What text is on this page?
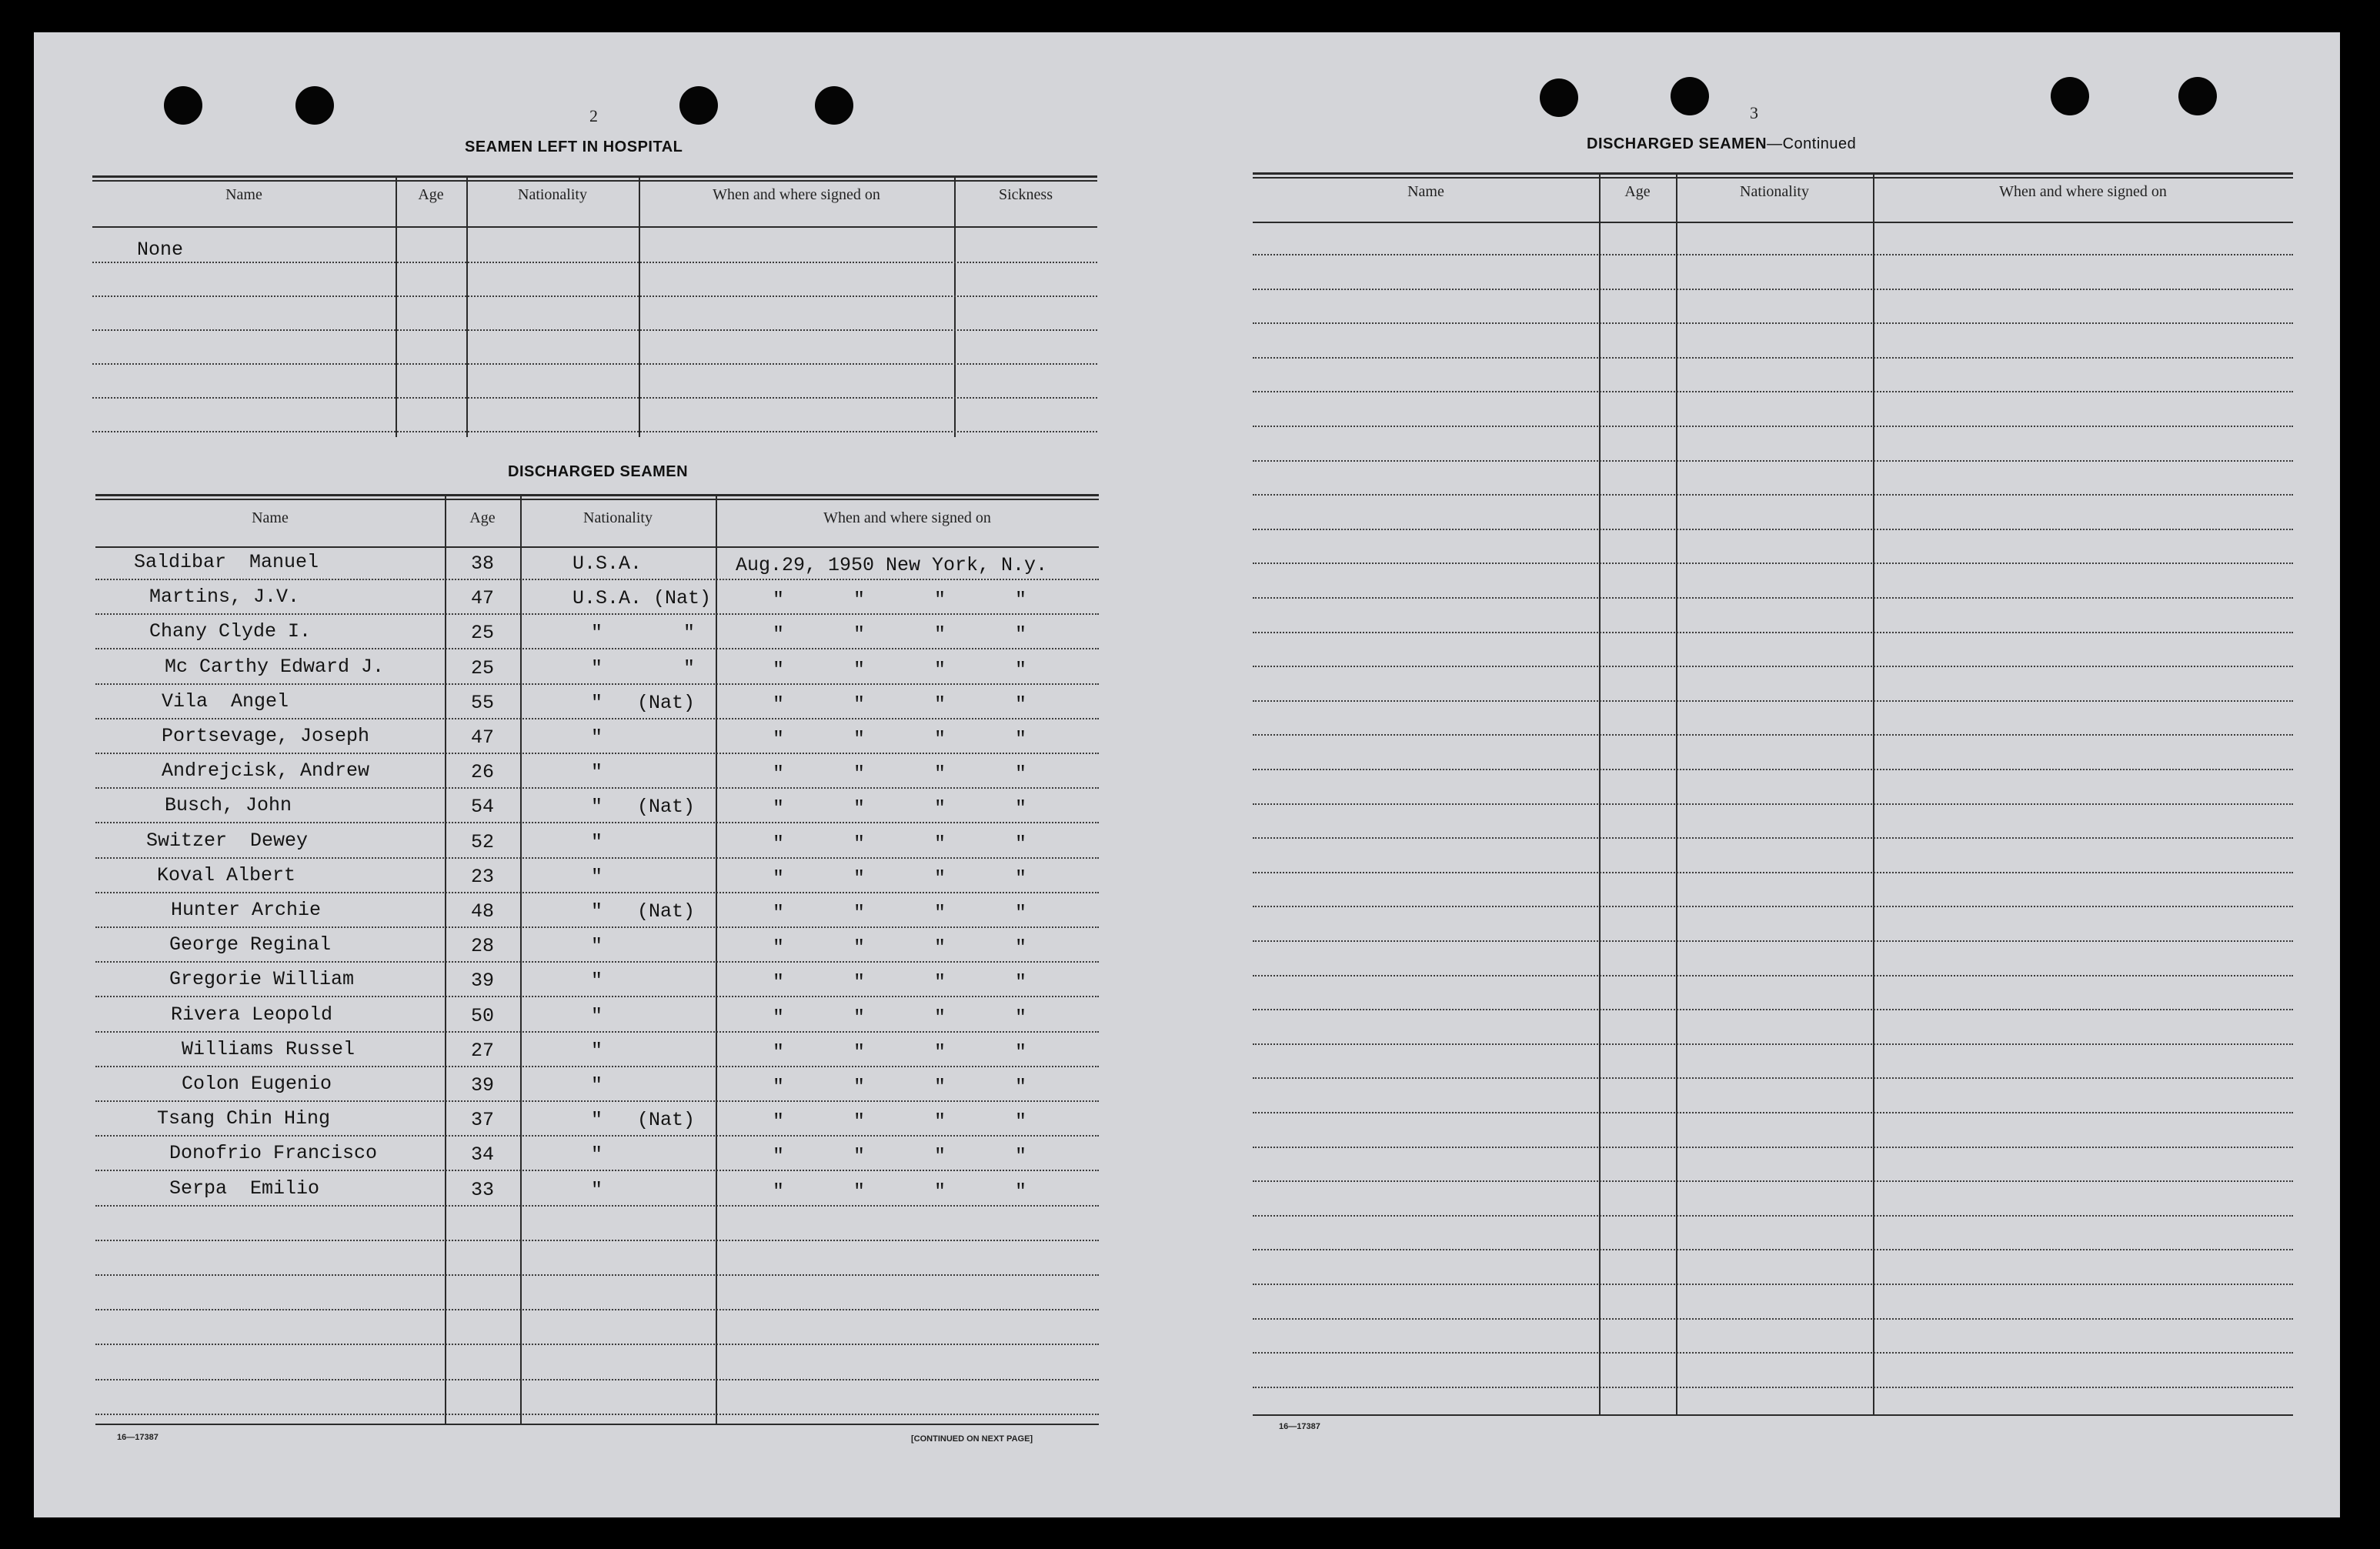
2
SEAMEN LEFT IN HOSPITAL
DISCHARGED SEAMEN
16—17387	[CONTINUED ON NEXT PAGE]
3
DISCHARGED SEAMEN—Continued
16—17387
Name	Age	Nationality	When and where signed on	Sickness
None
Name	Age	Nationality	When and where signed on
Saldibar  Manuel	38	U.S.A.	Aug.29, 1950 New York, N.y.
Martins, J.V.	47	U.S.A. (Nat)	"      "      "      "
Chany Clyde I.	25	"       "	"      "      "      "
Mc Carthy Edward J.	25	"       "	"      "      "      "
Vila  Angel	55	"   (Nat)	"      "      "      "
Portsevage, Joseph	47	"	"      "      "      "
Andrejcisk, Andrew	26	"	"      "      "      "
Busch, John	54	"   (Nat)	"      "      "      "
Switzer  Dewey	52	"	"      "      "      "
Koval Albert	23	"	"      "      "      "
Hunter Archie	48	"   (Nat)	"      "      "      "
George Reginal	28	"	"      "      "      "
Gregorie William	39	"	"      "      "      "
Rivera Leopold	50	"	"      "      "      "
Williams Russel	27	"	"      "      "      "
Colon Eugenio	39	"	"      "      "      "
Tsang Chin Hing	37	"   (Nat)	"      "      "      "
Donofrio Francisco	34	"	"      "      "      "
Serpa  Emilio	33	"	"      "      "      "
Name	Age	Nationality	When and where signed on
